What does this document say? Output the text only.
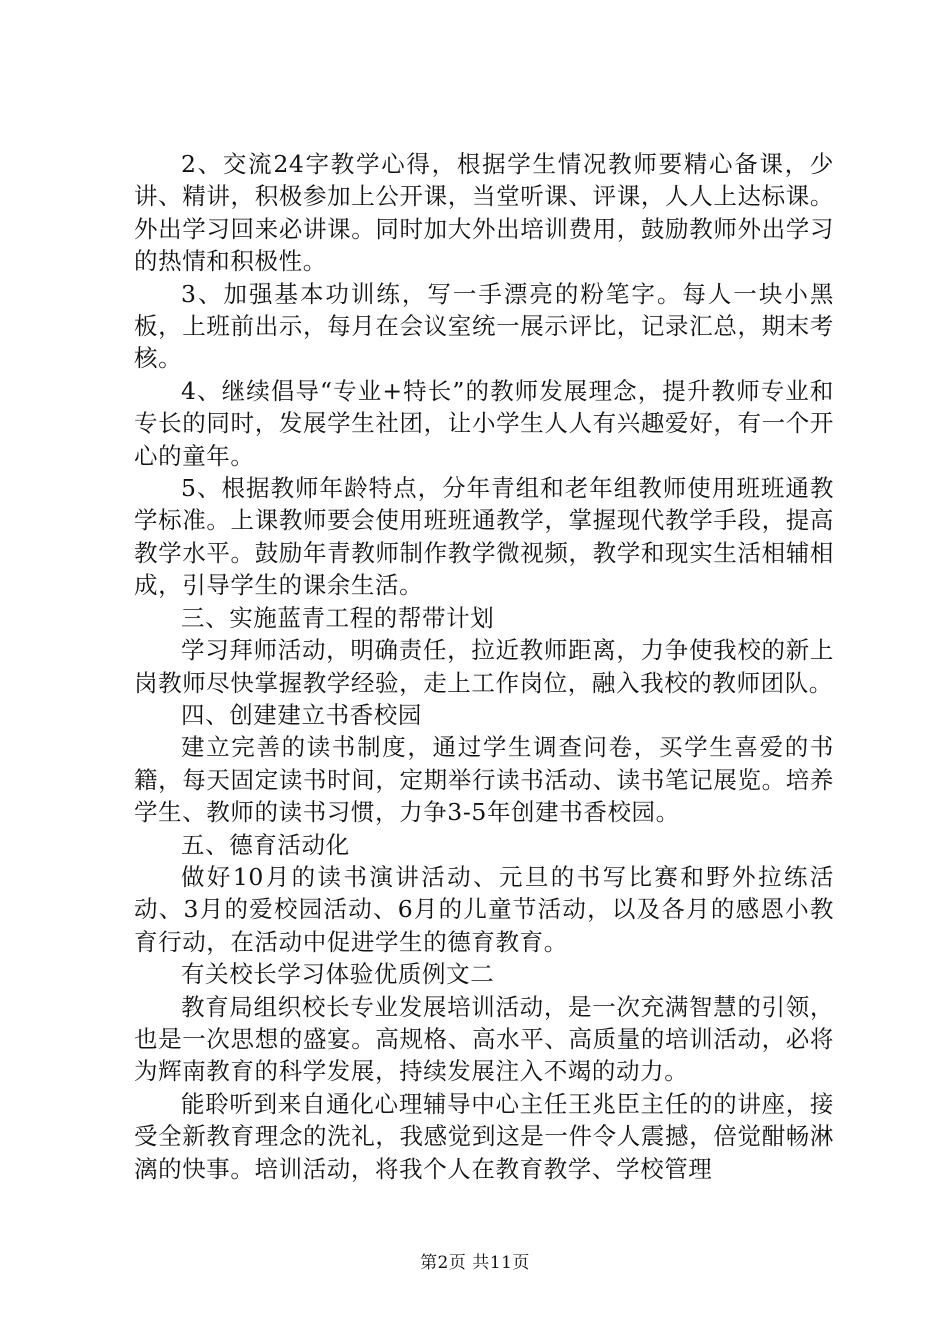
2、交流24字教学心得，根据学生情况教师要精心备课，少讲、精讲，积极参加上公开课，当堂听课、评课，人人上达标课。外出学习回来必讲课。同时加大外出培训费用，鼓励教师外出学习的热情和积极性。

3、加强基本功训练，写一手漂亮的粉笔字。每人一块小黑板，上班前出示，每月在会议室统一展示评比，记录汇总，期末考核。

4、继续倡导“专业+特长”的教师发展理念，提升教师专业和专长的同时，发展学生社团，让小学生人人有兴趣爱好，有一个开心的童年。

5、根据教师年龄特点，分年青组和老年组教师使用班班通教学标准。上课教师要会使用班班通教学，掌握现代教学手段，提高教学水平。鼓励年青教师制作教学微视频，教学和现实生活相辅相成，引导学生的课余生活。

三、实施蓝青工程的帮带计划

学习拜师活动，明确责任，拉近教师距离，力争使我校的新上岗教师尽快掌握教学经验，走上工作岗位，融入我校的教师团队。

四、创建建立书香校园

建立完善的读书制度，通过学生调查问卷，买学生喜爱的书籍，每天固定读书时间，定期举行读书活动、读书笔记展览。培养学生、教师的读书习惯，力争3-5年创建书香校园。

五、德育活动化

做好10月的读书演讲活动、元旦的书写比赛和野外拉练活动、3月的爱校园活动、6月的儿童节活动，以及各月的感恩小教育行动，在活动中促进学生的德育教育。

有关校长学习体验优质例文二

教育局组织校长专业发展培训活动，是一次充满智慧的引领，也是一次思想的盛宴。高规格、高水平、高质量的培训活动，必将为辉南教育的科学发展，持续发展注入不竭的动力。

能聆听到来自通化心理辅导中心主任王兆臣主任的的讲座，接受全新教育理念的洗礼，我感觉到这是一件令人震撼，倍觉酣畅淋漓的快事。培训活动，将我个人在教育教学、学校管理

第2页 共11页
